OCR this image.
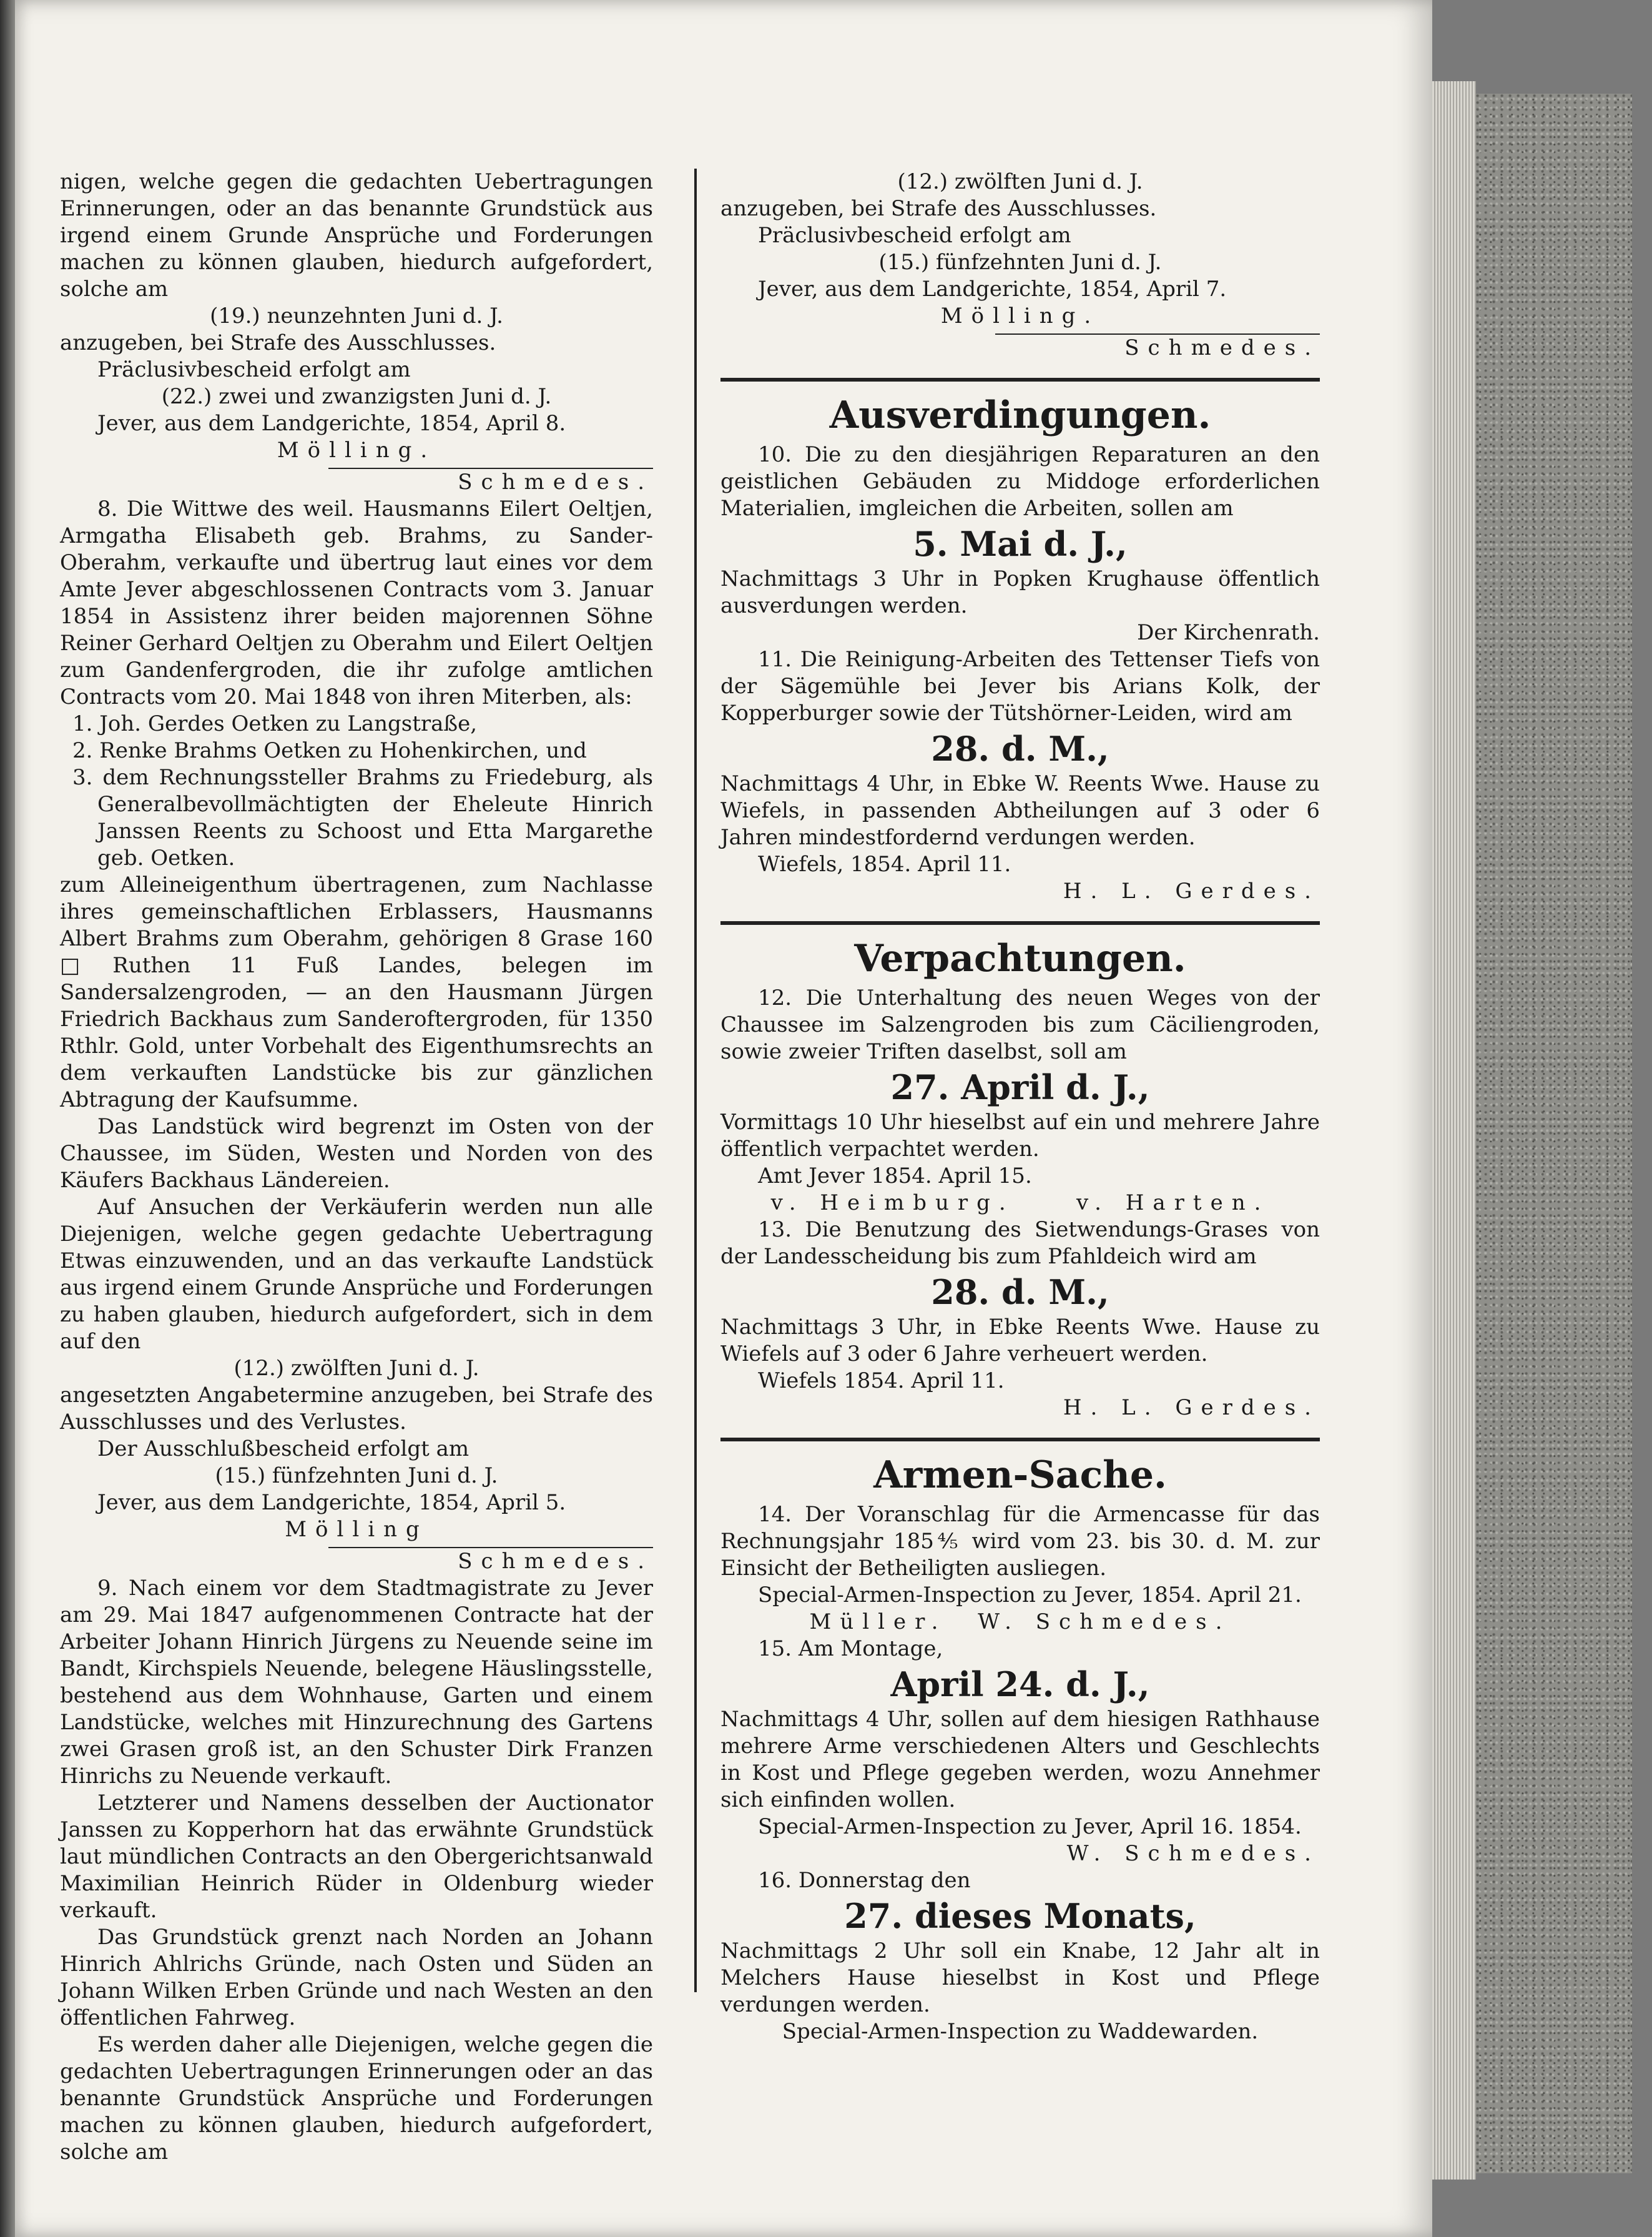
nigen, welche gegen die gedachten Uebertragungen Erinnerungen, oder an das benannte Grundstück aus irgend einem Grunde Ansprüche und Forderungen machen zu können glauben, hiedurch aufgefordert, solche am

(19.) neunzehnten Juni d. J.

anzugeben, bei Strafe des Ausschlusses.

Präclusivbescheid erfolgt am

(22.) zwei und zwanzigsten Juni d. J.

Jever, aus dem Landgerichte, 1854, April 8.

Mölling.

Schmedes.

8. Die Wittwe des weil. Hausmanns Eilert Oeltjen, Armgatha Elisabeth geb. Brahms, zu Sander-Oberahm, verkaufte und übertrug laut eines vor dem Amte Jever abgeschlossenen Contracts vom 3. Januar 1854 in Assistenz ihrer beiden majorennen Söhne Reiner Gerhard Oeltjen zu Oberahm und Eilert Oeltjen zum Gandenfergroden, die ihr zufolge amtlichen Contracts vom 20. Mai 1848 von ihren Miterben, als:

1. Joh. Gerdes Oetken zu Langstraße,

2. Renke Brahms Oetken zu Hohenkirchen, und

3. dem Rechnungssteller Brahms zu Friedeburg, als Generalbevollmächtigten der Eheleute Hinrich Janssen Reents zu Schoost und Etta Margarethe geb. Oetken.

zum Alleineigenthum übertragenen, zum Nachlasse ihres gemeinschaftlichen Erblassers, Hausmanns Albert Brahms zum Oberahm, gehörigen 8 Grase 160 □Ruthen 11 Fuß Landes, belegen im Sandersalzengroden, — an den Hausmann Jürgen Friedrich Backhaus zum Sanderoftergroden, für 1350 Rthlr. Gold, unter Vorbehalt des Eigenthumsrechts an dem verkauften Landstücke bis zur gänzlichen Abtragung der Kaufsumme.

Das Landstück wird begrenzt im Osten von der Chaussee, im Süden, Westen und Norden von des Käufers Backhaus Ländereien.

Auf Ansuchen der Verkäuferin werden nun alle Diejenigen, welche gegen gedachte Uebertragung Etwas einzuwenden, und an das verkaufte Landstück aus irgend einem Grunde Ansprüche und Forderungen zu haben glauben, hiedurch aufgefordert, sich in dem auf den

(12.) zwölften Juni d. J.

angesetzten Angabetermine anzugeben, bei Strafe des Ausschlusses und des Verlustes.

Der Ausschlußbescheid erfolgt am

(15.) fünfzehnten Juni d. J.

Jever, aus dem Landgerichte, 1854, April 5.

Mölling

Schmedes.

9. Nach einem vor dem Stadtmagistrate zu Jever am 29. Mai 1847 aufgenommenen Contracte hat der Arbeiter Johann Hinrich Jürgens zu Neuende seine im Bandt, Kirchspiels Neuende, belegene Häuslingsstelle, bestehend aus dem Wohnhause, Garten und einem Landstücke, welches mit Hinzurechnung des Gartens zwei Grasen groß ist, an den Schuster Dirk Franzen Hinrichs zu Neuende verkauft.

Letzterer und Namens desselben der Auctionator Janssen zu Kopperhorn hat das erwähnte Grundstück laut mündlichen Contracts an den Obergerichtsanwald Maximilian Heinrich Rüder in Oldenburg wieder verkauft.

Das Grundstück grenzt nach Norden an Johann Hinrich Ahlrichs Gründe, nach Osten und Süden an Johann Wilken Erben Gründe und nach Westen an den öffentlichen Fahrweg.

Es werden daher alle Diejenigen, welche gegen die gedachten Uebertragungen Erinnerungen oder an das benannte Grundstück Ansprüche und Forderungen machen zu können glauben, hiedurch aufgefordert, solche am

(12.) zwölften Juni d. J.

anzugeben, bei Strafe des Ausschlusses.

Präclusivbescheid erfolgt am

(15.) fünfzehnten Juni d. J.

Jever, aus dem Landgerichte, 1854, April 7.

Mölling.

Schmedes.

Ausverdingungen.

10. Die zu den diesjährigen Reparaturen an den geistlichen Gebäuden zu Middoge erforderlichen Materialien, imgleichen die Arbeiten, sollen am

5. Mai d. J.,

Nachmittags 3 Uhr in Popken Krughause öffentlich ausverdungen werden.

Der Kirchenrath.

11. Die Reinigung-Arbeiten des Tettenser Tiefs von der Sägemühle bei Jever bis Arians Kolk, der Kopperburger sowie der Tütshörner-Leiden, wird am

28. d. M.,

Nachmittags 4 Uhr, in Ebke W. Reents Wwe. Hause zu Wiefels, in passenden Abtheilungen auf 3 oder 6 Jahren mindestfordernd verdungen werden.

Wiefels, 1854. April 11.

H. L. Gerdes.

Verpachtungen.

12. Die Unterhaltung des neuen Weges von der Chaussee im Salzengroden bis zum Cäciliengroden, sowie zweier Triften daselbst, soll am

27. April d. J.,

Vormittags 10 Uhr hieselbst auf ein und mehrere Jahre öffentlich verpachtet werden.

Amt Jever 1854. April 15.

v. Heimburg.	v. Harten.

13. Die Benutzung des Sietwendungs-Grases von der Landesscheidung bis zum Pfahldeich wird am

28. d. M.,

Nachmittags 3 Uhr, in Ebke Reents Wwe. Hause zu Wiefels auf 3 oder 6 Jahre verheuert werden.

Wiefels 1854. April 11.

H. L. Gerdes.

Armen-Sache.

14. Der Voranschlag für die Armencasse für das Rechnungsjahr 185⅘ wird vom 23. bis 30. d. M. zur Einsicht der Betheiligten ausliegen.

Special-Armen-Inspection zu Jever, 1854. April 21.

Müller. W. Schmedes.

15. Am Montage,

April 24. d. J.,

Nachmittags 4 Uhr, sollen auf dem hiesigen Rathhause mehrere Arme verschiedenen Alters und Geschlechts in Kost und Pflege gegeben werden, wozu Annehmer sich einfinden wollen.

Special-Armen-Inspection zu Jever, April 16. 1854.

W. Schmedes.

16. Donnerstag den

27. dieses Monats,

Nachmittags 2 Uhr soll ein Knabe, 12 Jahr alt in Melchers Hause hieselbst in Kost und Pflege verdungen werden.

Special-Armen-Inspection zu Waddewarden.
